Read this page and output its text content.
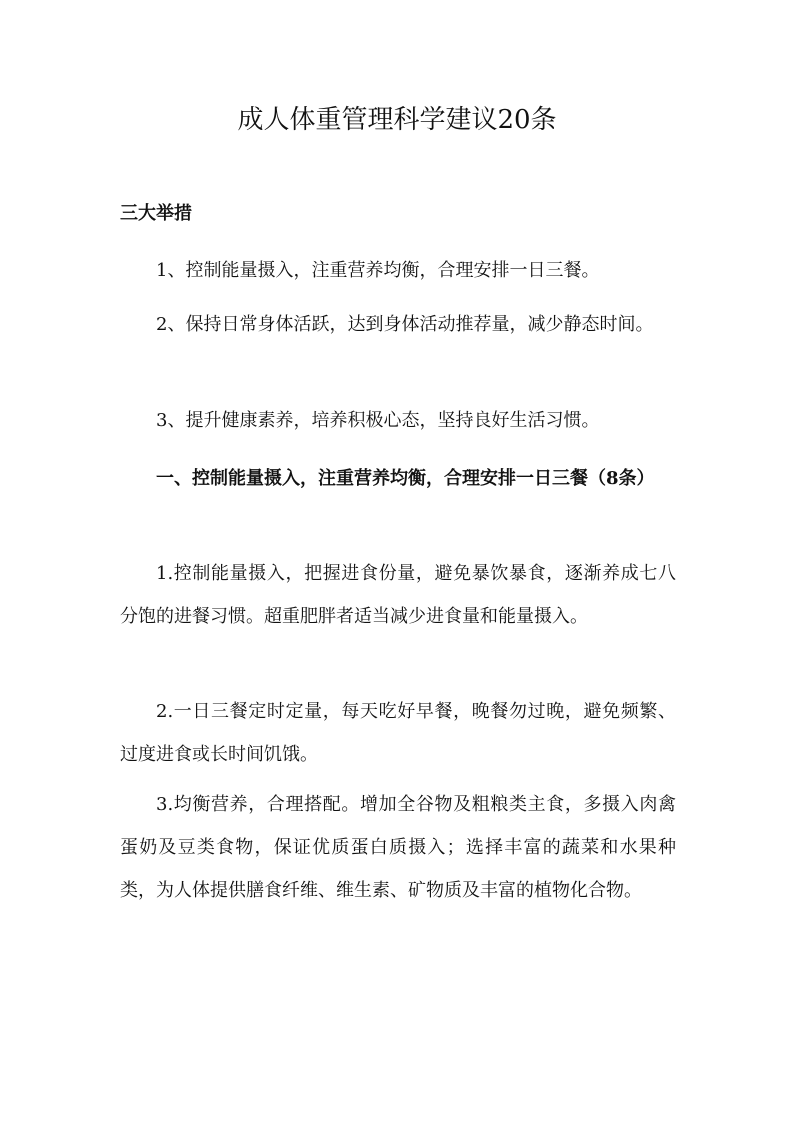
成人体重管理科学建议20条
三大举措

1、控制能量摄入，注重营养均衡，合理安排一日三餐。

2、保持日常身体活跃，达到身体活动推荐量，减少静态时间。

3、提升健康素养，培养积极心态，坚持良好生活习惯。

一、控制能量摄入，注重营养均衡，合理安排一日三餐（8条）

1.控制能量摄入，把握进食份量，避免暴饮暴食，逐渐养成七八分饱的进餐习惯。超重肥胖者适当减少进食量和能量摄入。

2.一日三餐定时定量，每天吃好早餐，晚餐勿过晚，避免频繁、过度进食或长时间饥饿。

3.均衡营养，合理搭配。增加全谷物及粗粮类主食，多摄入肉禽蛋奶及豆类食物，保证优质蛋白质摄入；选择丰富的蔬菜和水果种类，为人体提供膳食纤维、维生素、矿物质及丰富的植物化合物。
